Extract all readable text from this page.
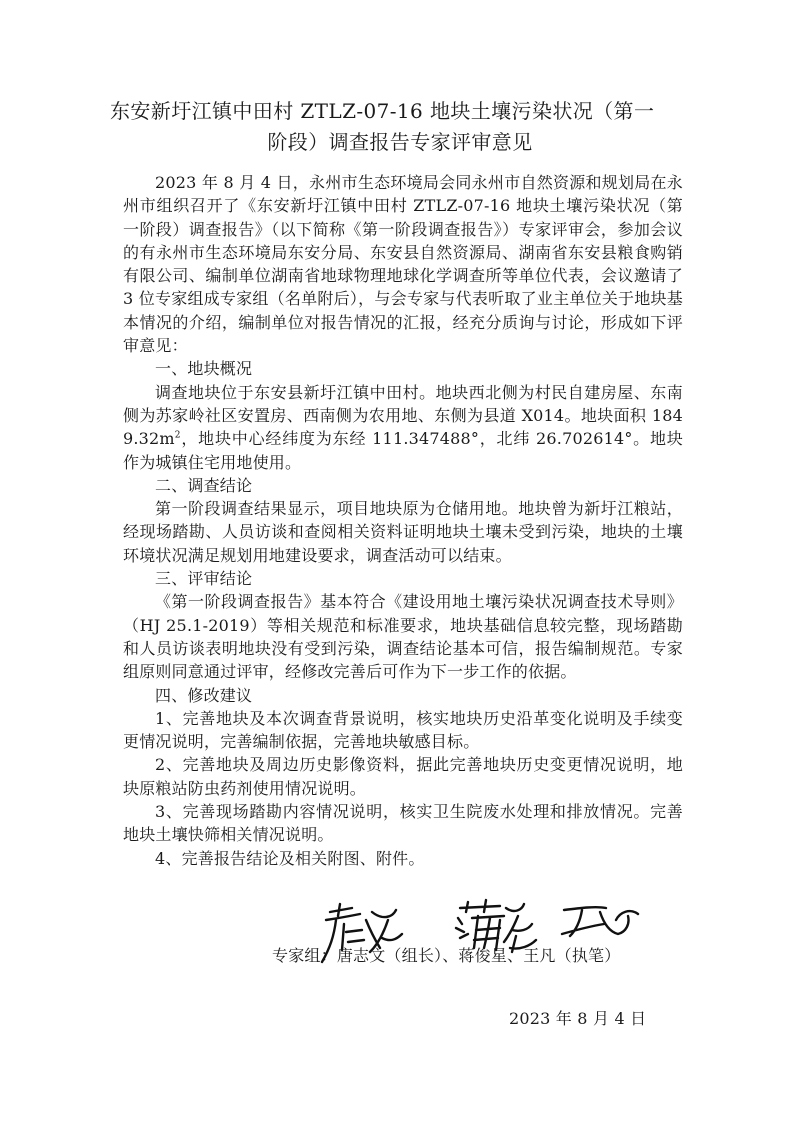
东安新圩江镇中田村 ZTLZ-07-16 地块土壤污染状况（第一
阶段）调查报告专家评审意见

2023 年 8 月 4 日，永州市生态环境局会同永州市自然资源和规划局在永州市组织召开了《东安新圩江镇中田村 ZTLZ-07-16 地块土壤污染状况（第一阶段）调查报告》（以下简称《第一阶段调查报告》）专家评审会，参加会议的有永州市生态环境局东安分局、东安县自然资源局、湖南省东安县粮食购销有限公司、编制单位湖南省地球物理地球化学调查所等单位代表，会议邀请了 3 位专家组成专家组（名单附后），与会专家与代表听取了业主单位关于地块基本情况的介绍，编制单位对报告情况的汇报，经充分质询与讨论，形成如下评审意见：

一、地块概况

调查地块位于东安县新圩江镇中田村。地块西北侧为村民自建房屋、东南侧为苏家岭社区安置房、西南侧为农用地、东侧为县道 X014。地块面积 $1849.32m^2$，地块中心经纬度为东经 111.347488°，北纬 26.702614°。地块作为城镇住宅用地使用。

二、调查结论

第一阶段调查结果显示，项目地块原为仓储用地。地块曾为新圩江粮站，经现场踏勘、人员访谈和查阅相关资料证明地块土壤未受到污染，地块的土壤环境状况满足规划用地建设要求，调查活动可以结束。

三、评审结论

《第一阶段调查报告》基本符合《建设用地土壤污染状况调查技术导则》（HJ 25.1-2019）等相关规范和标准要求，地块基础信息较完整，现场踏勘和人员访谈表明地块没有受到污染，调查结论基本可信，报告编制规范。专家组原则同意通过评审，经修改完善后可作为下一步工作的依据。

四、修改建议

1、完善地块及本次调查背景说明，核实地块历史沿革变化说明及手续变更情况说明，完善编制依据，完善地块敏感目标。

2、完善地块及周边历史影像资料，据此完善地块历史变更情况说明，地块原粮站防虫药剂使用情况说明。

3、完善现场踏勘内容情况说明，核实卫生院废水处理和排放情况。完善地块土壤快筛相关情况说明。

4、完善报告结论及相关附图、附件。

专家组：唐志文（组长）、蒋俊星、王凡（执笔）
2023 年 8 月 4 日
